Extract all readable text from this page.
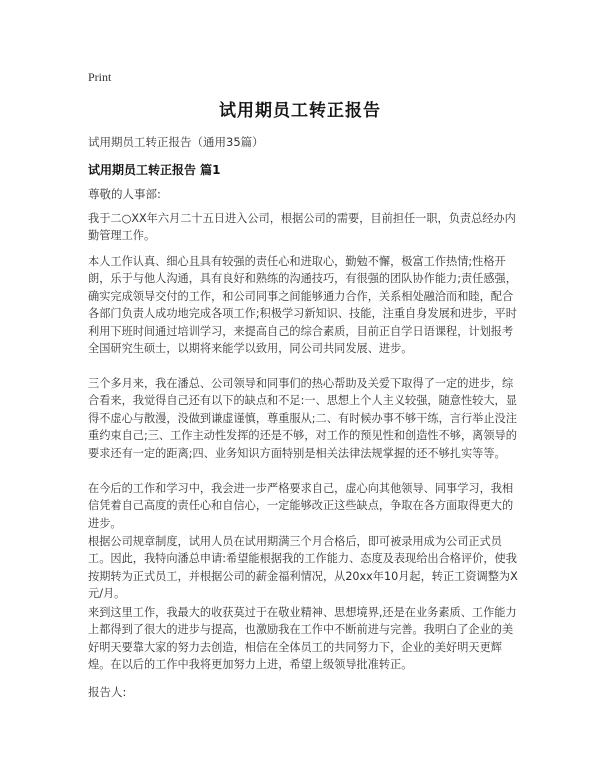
Print
试用期员工转正报告
试用期员工转正报告（通用35篇）
试用期员工转正报告 篇1
尊敬的人事部:

我于二○XX年六月二十五日进入公司，根据公司的需要，目前担任一职，负责总经办内勤管理工作。

本人工作认真、细心且具有较强的责任心和进取心，勤勉不懈，极富工作热情;性格开朗，乐于与他人沟通，具有良好和熟练的沟通技巧，有很强的团队协作能力;责任感强，确实完成领导交付的工作，和公司同事之间能够通力合作，关系相处融洽而和睦，配合各部门负责人成功地完成各项工作;积极学习新知识、技能，注重自身发展和进步，平时利用下班时间通过培训学习，来提高自己的综合素质，目前正自学日语课程，计划报考全国研究生硕士，以期将来能学以致用，同公司共同发展、进步。

三个多月来，我在潘总、公司领导和同事们的热心帮助及关爱下取得了一定的进步，综合看来，我觉得自己还有以下的缺点和不足:一、思想上个人主义较强，随意性较大，显得不虚心与散漫，没做到谦虚谨慎，尊重服从;二、有时候办事不够干练，言行举止没注重约束自己;三、工作主动性发挥的还是不够，对工作的预见性和创造性不够，离领导的要求还有一定的距离;四、业务知识方面特别是相关法律法规掌握的还不够扎实等等。

在今后的工作和学习中，我会进一步严格要求自己，虚心向其他领导、同事学习，我相信凭着自己高度的责任心和自信心，一定能够改正这些缺点，争取在各方面取得更大的进步。

根据公司规章制度，试用人员在试用期满三个月合格后，即可被录用成为公司正式员工。因此，我特向潘总申请:希望能根据我的工作能力、态度及表现给出合格评价，使我按期转为正式员工，并根据公司的薪金福利情况，从20xx年10月起，转正工资调整为X元/月。

来到这里工作，我最大的收获莫过于在敬业精神、思想境界,还是在业务素质、工作能力上都得到了很大的进步与提高，也激励我在工作中不断前进与完善。我明白了企业的美好明天要靠大家的努力去创造，相信在全体员工的共同努力下，企业的美好明天更辉煌。在以后的工作中我将更加努力上进，希望上级领导批准转正。

报告人:
